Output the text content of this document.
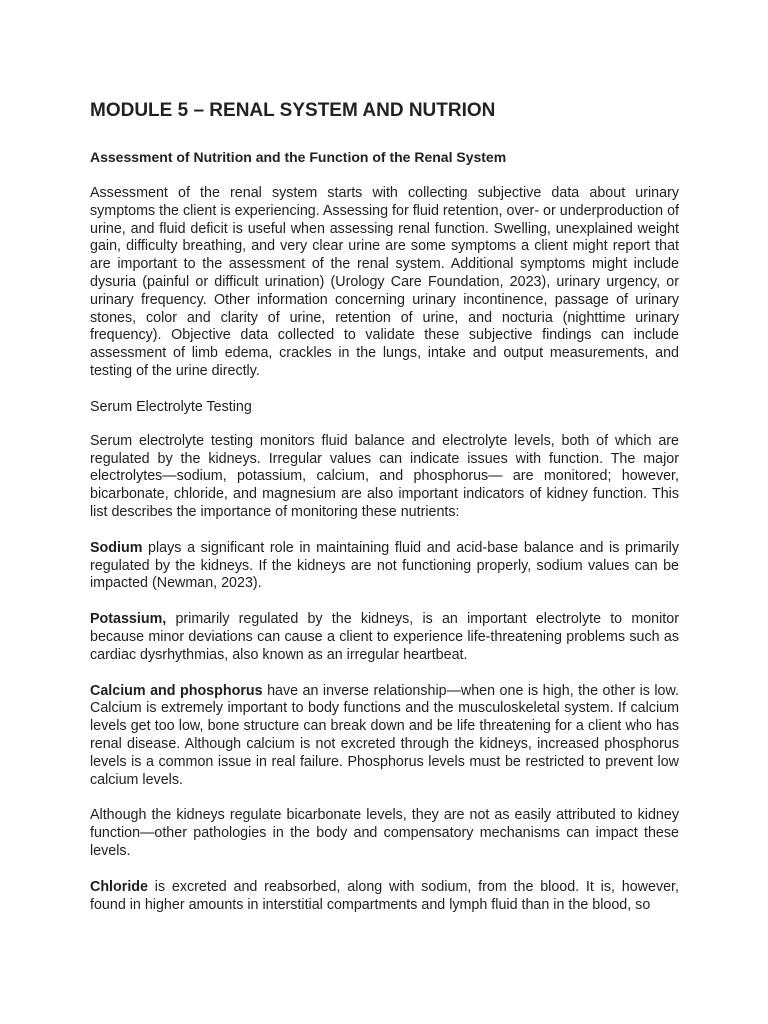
MODULE 5 – RENAL SYSTEM AND NUTRION
Assessment of Nutrition and the Function of the Renal System

Assessment of the renal system starts with collecting subjective data about urinary symptoms the client is experiencing. Assessing for fluid retention, over- or underproduction of urine, and fluid deficit is useful when assessing renal function. Swelling, unexplained weight gain, difficulty breathing, and very clear urine are some symptoms a client might report that are important to the assessment of the renal system. Additional symptoms might include dysuria (painful or difficult urination) (Urology Care Foundation, 2023), urinary urgency, or urinary frequency. Other information concerning urinary incontinence, passage of urinary stones, color and clarity of urine, retention of urine, and nocturia (nighttime urinary frequency). Objective data collected to validate these subjective findings can include assessment of limb edema, crackles in the lungs, intake and output measurements, and testing of the urine directly.

Serum Electrolyte Testing

Serum electrolyte testing monitors fluid balance and electrolyte levels, both of which are regulated by the kidneys. Irregular values can indicate issues with function. The major electrolytes—sodium, potassium, calcium, and phosphorus— are monitored; however, bicarbonate, chloride, and magnesium are also important indicators of kidney function. This list describes the importance of monitoring these nutrients:

Sodium plays a significant role in maintaining fluid and acid-base balance and is primarily regulated by the kidneys. If the kidneys are not functioning properly, sodium values can be impacted (Newman, 2023).

Potassium, primarily regulated by the kidneys, is an important electrolyte to monitor because minor deviations can cause a client to experience life-threatening problems such as cardiac dysrhythmias, also known as an irregular heartbeat.

Calcium and phosphorus have an inverse relationship—when one is high, the other is low. Calcium is extremely important to body functions and the musculoskeletal system. If calcium levels get too low, bone structure can break down and be life threatening for a client who has renal disease. Although calcium is not excreted through the kidneys, increased phosphorus levels is a common issue in real failure. Phosphorus levels must be restricted to prevent low calcium levels.

Although the kidneys regulate bicarbonate levels, they are not as easily attributed to kidney function—other pathologies in the body and compensatory mechanisms can impact these levels.

Chloride is excreted and reabsorbed, along with sodium, from the blood. It is, however, found in higher amounts in interstitial compartments and lymph fluid than in the blood, so
